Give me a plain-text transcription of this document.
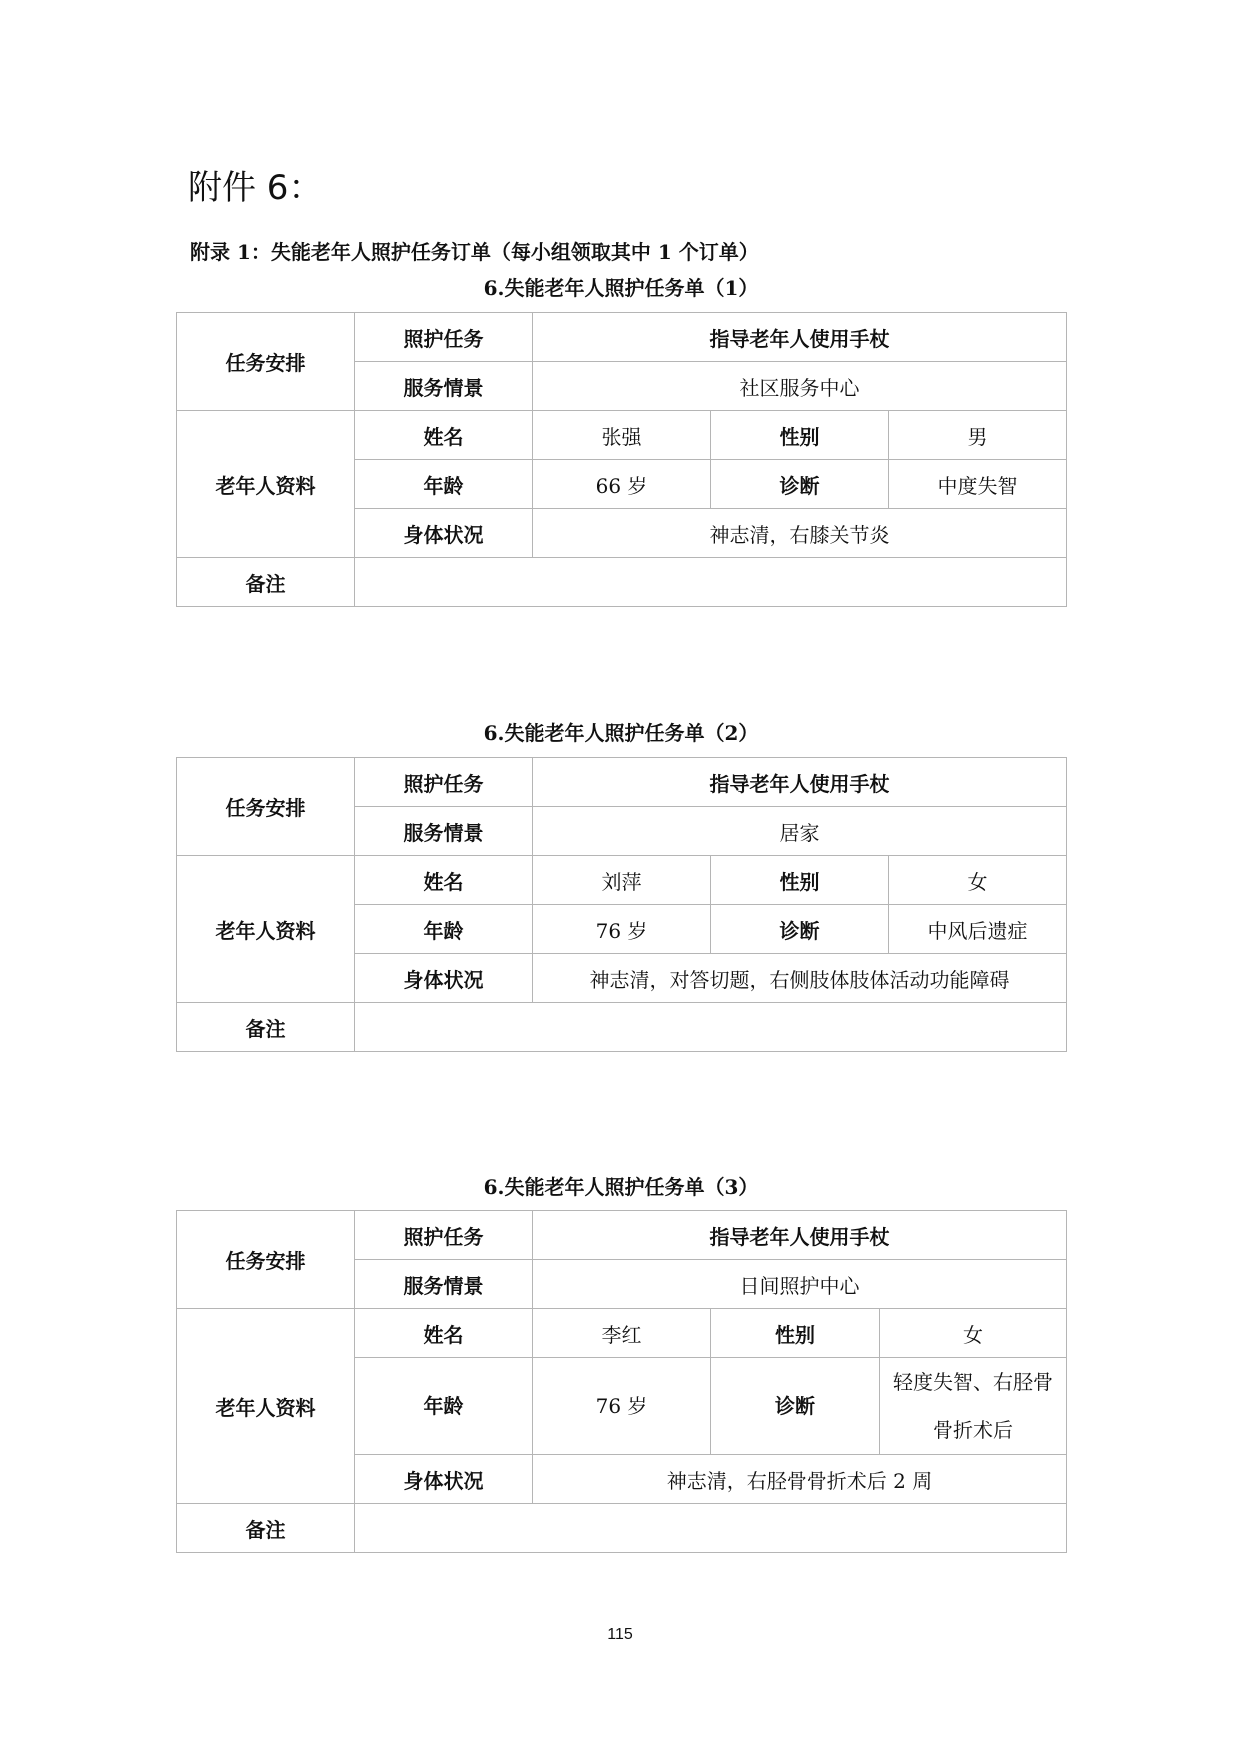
附件 6：

附录 1：失能老年人照护任务订单（每小组领取其中 1 个订单）

6.失能老年人照护任务单（1）

任务安排	照护任务	指导老年人使用手杖		
	服务情景	社区服务中心		
老年人资料	姓名	张强	性别	男
	年龄	66 岁	诊断	中度失智
	身体状况	神志清，右膝关节炎		
备注				

6.失能老年人照护任务单（2）

任务安排	照护任务	指导老年人使用手杖		
	服务情景	居家		
老年人资料	姓名	刘萍	性别	女
	年龄	76 岁	诊断	中风后遗症
	身体状况	神志清，对答切题，右侧肢体肢体活动功能障碍		
备注				

6.失能老年人照护任务单（3）

任务安排	照护任务	指导老年人使用手杖		
	服务情景	日间照护中心		
老年人资料	姓名	李红	性别	女
	年龄	76 岁	诊断	轻度失智、右胫骨骨折术后
	身体状况	神志清，右胫骨骨折术后 2 周		
备注				
115
